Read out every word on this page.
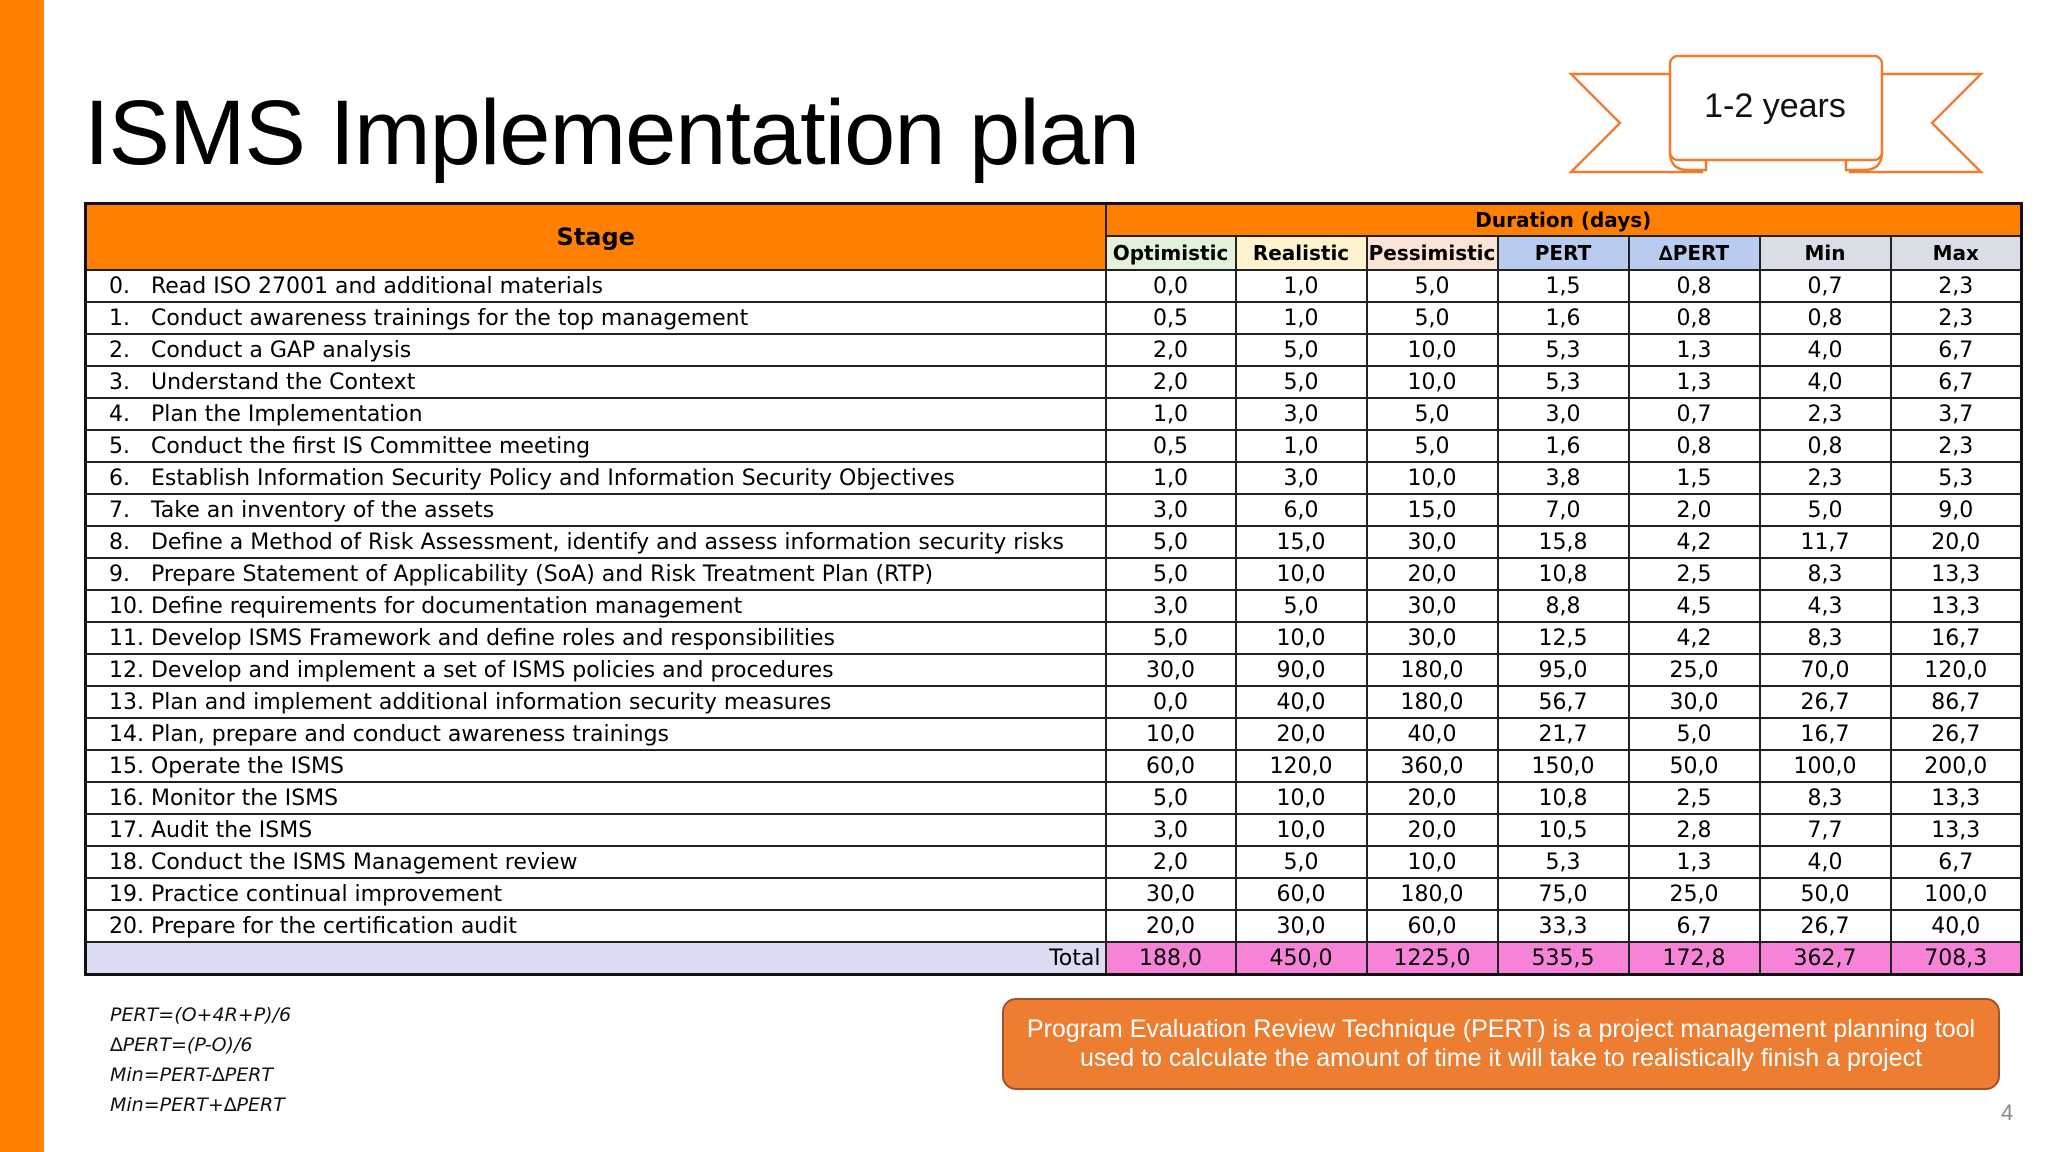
ISMS Implementation plan	1-2 years
Stage	Duration (days)						
	Optimistic	Realistic	Pessimistic	PERT	∆PERT	Min	Max
0.   Read ISO 27001 and additional materials	0,0	1,0	5,0	1,5	0,8	0,7	2,3
1.   Conduct awareness trainings for the top management	0,5	1,0	5,0	1,6	0,8	0,8	2,3
2.   Conduct a GAP analysis	2,0	5,0	10,0	5,3	1,3	4,0	6,7
3.   Understand the Context	2,0	5,0	10,0	5,3	1,3	4,0	6,7
4.   Plan the Implementation	1,0	3,0	5,0	3,0	0,7	2,3	3,7
5.   Conduct the first IS Committee meeting	0,5	1,0	5,0	1,6	0,8	0,8	2,3
6.   Establish Information Security Policy and Information Security Objectives	1,0	3,0	10,0	3,8	1,5	2,3	5,3
7.   Take an inventory of the assets	3,0	6,0	15,0	7,0	2,0	5,0	9,0
8.   Define a Method of Risk Assessment, identify and assess information security risks	5,0	15,0	30,0	15,8	4,2	11,7	20,0
9.   Prepare Statement of Applicability (SoA) and Risk Treatment Plan (RTP)	5,0	10,0	20,0	10,8	2,5	8,3	13,3
10. Define requirements for documentation management	3,0	5,0	30,0	8,8	4,5	4,3	13,3
11. Develop ISMS Framework and define roles and responsibilities	5,0	10,0	30,0	12,5	4,2	8,3	16,7
12. Develop and implement a set of ISMS policies and procedures	30,0	90,0	180,0	95,0	25,0	70,0	120,0
13. Plan and implement additional information security measures	0,0	40,0	180,0	56,7	30,0	26,7	86,7
14. Plan, prepare and conduct awareness trainings	10,0	20,0	40,0	21,7	5,0	16,7	26,7
15. Operate the ISMS	60,0	120,0	360,0	150,0	50,0	100,0	200,0
16. Monitor the ISMS	5,0	10,0	20,0	10,8	2,5	8,3	13,3
17. Audit the ISMS	3,0	10,0	20,0	10,5	2,8	7,7	13,3
18. Conduct the ISMS Management review	2,0	5,0	10,0	5,3	1,3	4,0	6,7
19. Practice continual improvement	30,0	60,0	180,0	75,0	25,0	50,0	100,0
20. Prepare for the certification audit	20,0	30,0	60,0	33,3	6,7	26,7	40,0
Total	188,0	450,0	1225,0	535,5	172,8	362,7	708,3
PERT=(O+4R+P)/6
∆PERT=(P-O)/6
Min=PERT-∆PERT
Min=PERT+∆PERT
Program Evaluation Review Technique (PERT) is a project management planning tool used to calculate the amount of time it will take to realistically finish a project
4
